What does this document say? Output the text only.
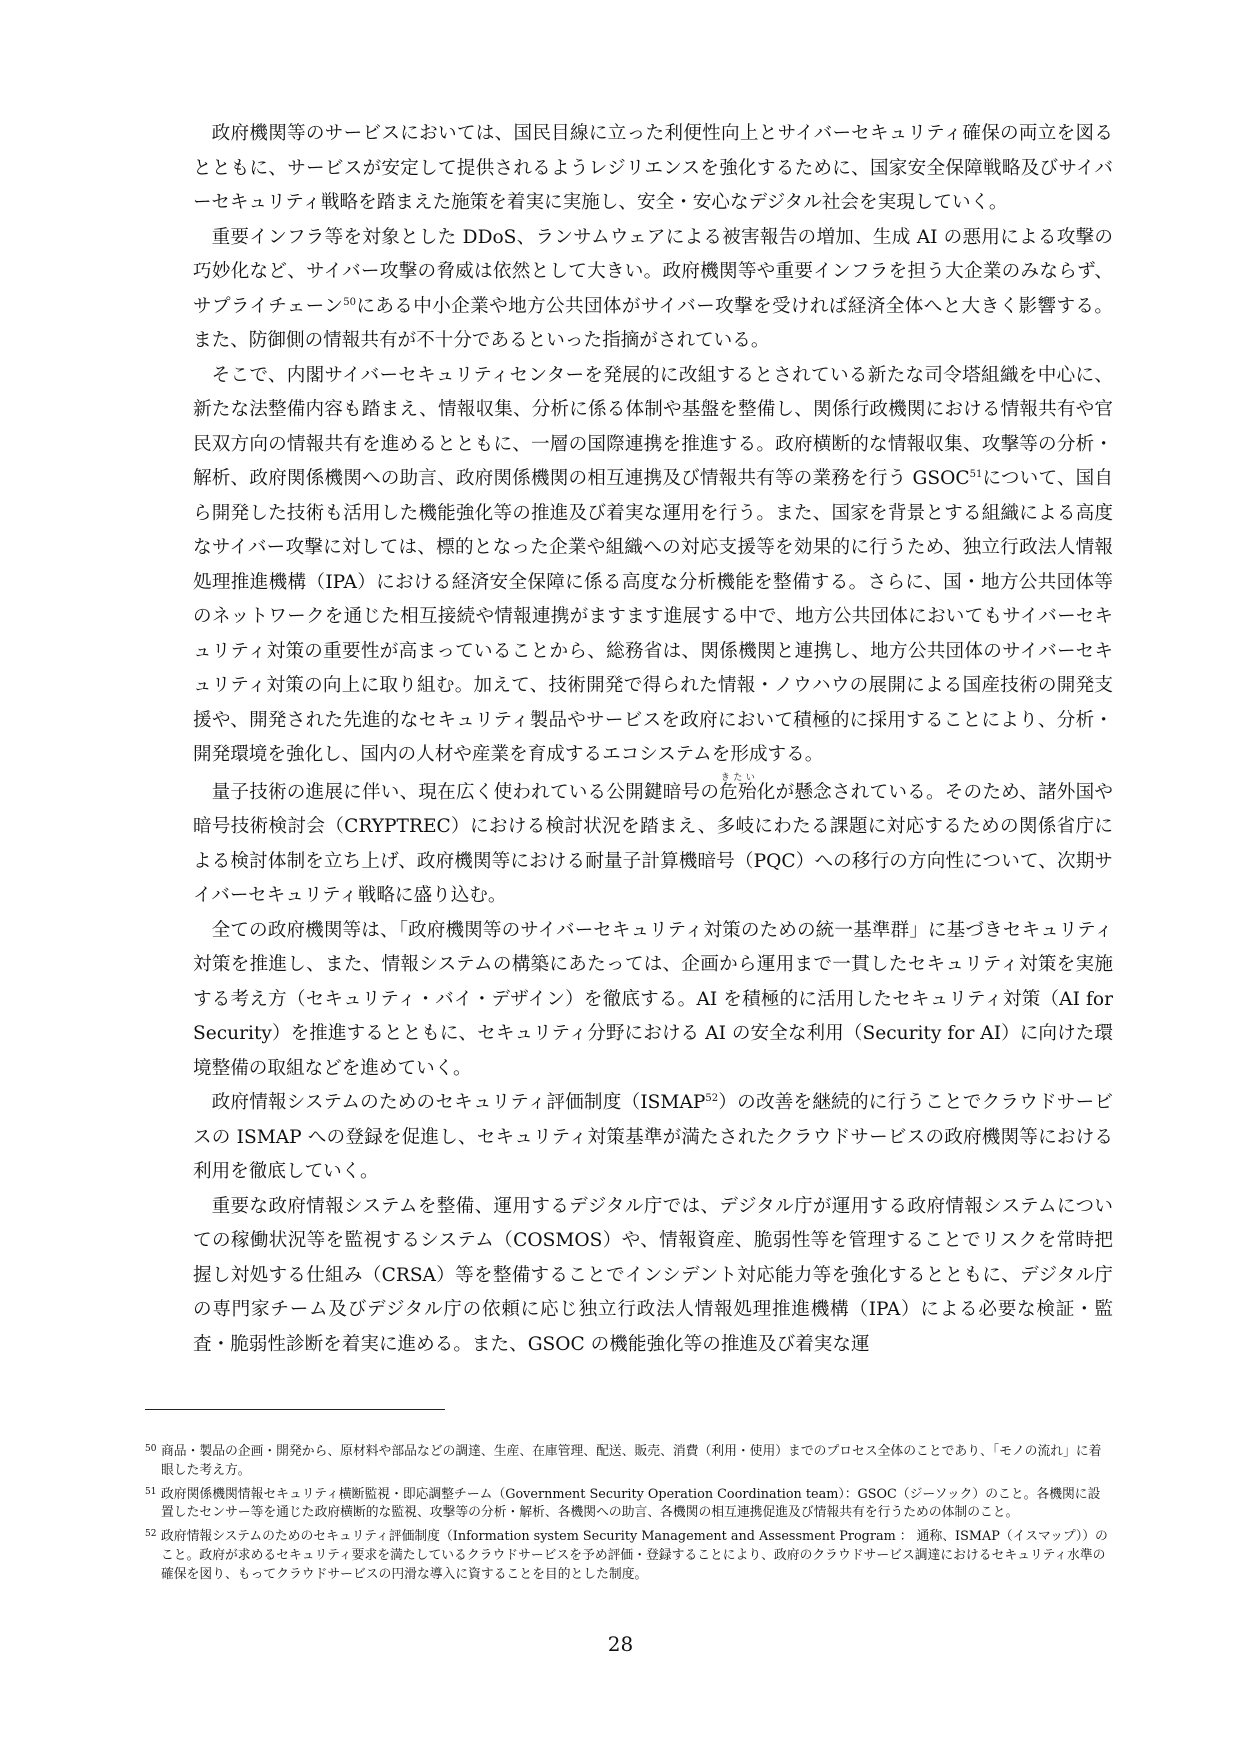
政府機関等のサービスにおいては、国民目線に立った利便性向上とサイバーセキュリティ確保の両立を図るとともに、サービスが安定して提供されるようレジリエンスを強化するために、国家安全保障戦略及びサイバーセキュリティ戦略を踏まえた施策を着実に実施し、安全・安心なデジタル社会を実現していく。

重要インフラ等を対象とした DDoS、ランサムウェアによる被害報告の増加、生成 AI の悪用による攻撃の巧妙化など、サイバー攻撃の脅威は依然として大きい。政府機関等や重要インフラを担う大企業のみならず、サプライチェーン$^{50}$にある中小企業や地方公共団体がサイバー攻撃を受ければ経済全体へと大きく影響する。また、防御側の情報共有が不十分であるといった指摘がされている。

そこで、内閣サイバーセキュリティセンターを発展的に改組するとされている新たな司令塔組織を中心に、新たな法整備内容も踏まえ、情報収集、分析に係る体制や基盤を整備し、関係行政機関における情報共有や官民双方向の情報共有を進めるとともに、一層の国際連携を推進する。政府横断的な情報収集、攻撃等の分析・解析、政府関係機関への助言、政府関係機関の相互連携及び情報共有等の業務を行う GSOC$^{51}$について、国自ら開発した技術も活用した機能強化等の推進及び着実な運用を行う。また、国家を背景とする組織による高度なサイバー攻撃に対しては、標的となった企業や組織への対応支援等を効果的に行うため、独立行政法人情報処理推進機構（IPA）における経済安全保障に係る高度な分析機能を整備する。さらに、国・地方公共団体等のネットワークを通じた相互接続や情報連携がますます進展する中で、地方公共団体においてもサイバーセキュリティ対策の重要性が高まっていることから、総務省は、関係機関と連携し、地方公共団体のサイバーセキュリティ対策の向上に取り組む。加えて、技術開発で得られた情報・ノウハウの展開による国産技術の開発支援や、開発された先進的なセキュリティ製品やサービスを政府において積極的に採用することにより、分析・開発環境を強化し、国内の人材や産業を育成するエコシステムを形成する。

量子技術の進展に伴い、現在広く使われている公開鍵暗号の危殆きたい化が懸念されている。そのため、諸外国や暗号技術検討会（CRYPTREC）における検討状況を踏まえ、多岐にわたる課題に対応するための関係省庁による検討体制を立ち上げ、政府機関等における耐量子計算機暗号（PQC）への移行の方向性について、次期サイバーセキュリティ戦略に盛り込む。

全ての政府機関等は、「政府機関等のサイバーセキュリティ対策のための統一基準群」に基づきセキュリティ対策を推進し、また、情報システムの構築にあたっては、企画から運用まで一貫したセキュリティ対策を実施する考え方（セキュリティ・バイ・デザイン）を徹底する。AI を積極的に活用したセキュリティ対策（AI for Security）を推進するとともに、セキュリティ分野における AI の安全な利用（Security for AI）に向けた環境整備の取組などを進めていく。

政府情報システムのためのセキュリティ評価制度（ISMAP$^{52}$）の改善を継続的に行うことでクラウドサービスの ISMAP への登録を促進し、セキュリティ対策基準が満たされたクラウドサービスの政府機関等における利用を徹底していく。

重要な政府情報システムを整備、運用するデジタル庁では、デジタル庁が運用する政府情報システムについての稼働状況等を監視するシステム（COSMOS）や、情報資産、脆弱性等を管理することでリスクを常時把握し対処する仕組み（CRSA）等を整備することでインシデント対応能力等を強化するとともに、デジタル庁の専門家チーム及びデジタル庁の依頼に応じ独立行政法人情報処理推進機構（IPA）による必要な検証・監査・脆弱性診断を着実に進める。また、GSOC の機能強化等の推進及び着実な運

50 商品・製品の企画・開発から、原材料や部品などの調達、生産、在庫管理、配送、販売、消費（利用・使用）までのプロセス全体のことであり、「モノの流れ」に着眼した考え方。

51 政府関係機関情報セキュリティ横断監視・即応調整チーム（Government Security Operation Coordination team）：GSOC（ジーソック）のこと。各機関に設置したセンサー等を通じた政府横断的な監視、攻撃等の分析・解析、各機関への助言、各機関の相互連携促進及び情報共有を行うための体制のこと。

52 政府情報システムのためのセキュリティ評価制度（Information system Security Management and Assessment Program ： 通称、ISMAP（イスマップ））のこと。政府が求めるセキュリティ要求を満たしているクラウドサービスを予め評価・登録することにより、政府のクラウドサービス調達におけるセキュリティ水準の確保を図り、もってクラウドサービスの円滑な導入に資することを目的とした制度。

28
